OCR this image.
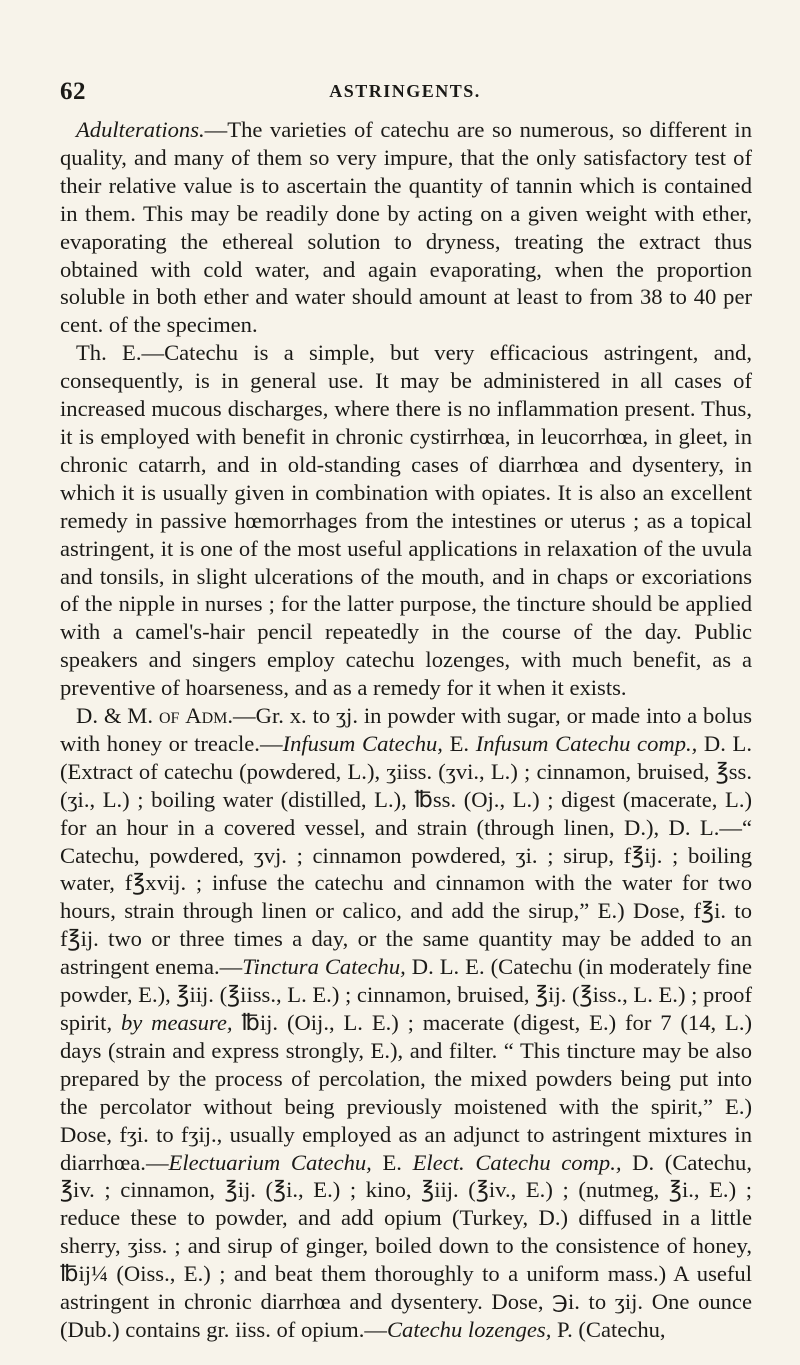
62	ASTRINGENTS.

Adulterations.—The varieties of catechu are so numerous, so different in quality, and many of them so very impure, that the only satisfactory test of their relative value is to ascertain the quantity of tannin which is contained in them. This may be readily done by acting on a given weight with ether, evaporating the ethereal solution to dryness, treating the extract thus obtained with cold water, and again evaporating, when the proportion soluble in both ether and water should amount at least to from 38 to 40 per cent. of the specimen.

Th. E.—Catechu is a simple, but very efficacious astringent, and, consequently, is in general use. It may be administered in all cases of increased mucous discharges, where there is no inflammation present. Thus, it is employed with benefit in chronic cystirrhœa, in leucorrhœa, in gleet, in chronic catarrh, and in old-standing cases of diarrhœa and dysentery, in which it is usually given in combination with opiates. It is also an excellent remedy in passive hœmorrhages from the intestines or uterus ; as a topical astringent, it is one of the most useful applications in relaxation of the uvula and tonsils, in slight ulcerations of the mouth, and in chaps or excoriations of the nipple in nurses ; for the latter purpose, the tincture should be applied with a camel's-hair pencil repeatedly in the course of the day. Public speakers and singers employ catechu lozenges, with much benefit, as a preventive of hoarseness, and as a remedy for it when it exists.

D. & M. of Adm.—Gr. x. to ʒj. in powder with sugar, or made into a bolus with honey or treacle.—Infusum Catechu, E. Infusum Catechu comp., D. L. (Extract of catechu (powdered, L.), ʒiiss. (ʒvi., L.) ; cinnamon, bruised, ℥ss. (ʒi., L.) ; boiling water (distilled, L.), ℔ss. (Oj., L.) ; digest (macerate, L.) for an hour in a covered vessel, and strain (through linen, D.), D. L.—“ Catechu, powdered, ʒvj. ; cinnamon powdered, ʒi. ; sirup, f℥ij. ; boiling water, f℥xvij. ; infuse the catechu and cinnamon with the water for two hours, strain through linen or calico, and add the sirup,” E.) Dose, f℥i. to f℥ij. two or three times a day, or the same quantity may be added to an astringent enema.—Tinctura Catechu, D. L. E. (Catechu (in moderately fine powder, E.), ℥iij. (℥iiss., L. E.) ; cinnamon, bruised, ℥ij. (℥iss., L. E.) ; proof spirit, by measure, ℔ij. (Oij., L. E.) ; macerate (digest, E.) for 7 (14, L.) days (strain and express strongly, E.), and filter. “ This tincture may be also prepared by the process of percolation, the mixed powders being put into the percolator without being previously moistened with the spirit,” E.) Dose, fʒi. to fʒij., usually employed as an adjunct to astringent mixtures in diarrhœa.—Electuarium Catechu, E. Elect. Catechu comp., D. (Catechu, ℥iv. ; cinnamon, ℥ij. (℥i., E.) ; kino, ℥iij. (℥iv., E.) ; (nutmeg, ℥i., E.) ; reduce these to powder, and add opium (Turkey, D.) diffused in a little sherry, ʒiss. ; and sirup of ginger, boiled down to the consistence of honey, ℔ij¼ (Oiss., E.) ; and beat them thoroughly to a uniform mass.) A useful astringent in chronic diarrhœa and dysentery. Dose, ℈i. to ʒij. One ounce (Dub.) contains gr. iiss. of opium.—Catechu lozenges, P. (Catechu,
